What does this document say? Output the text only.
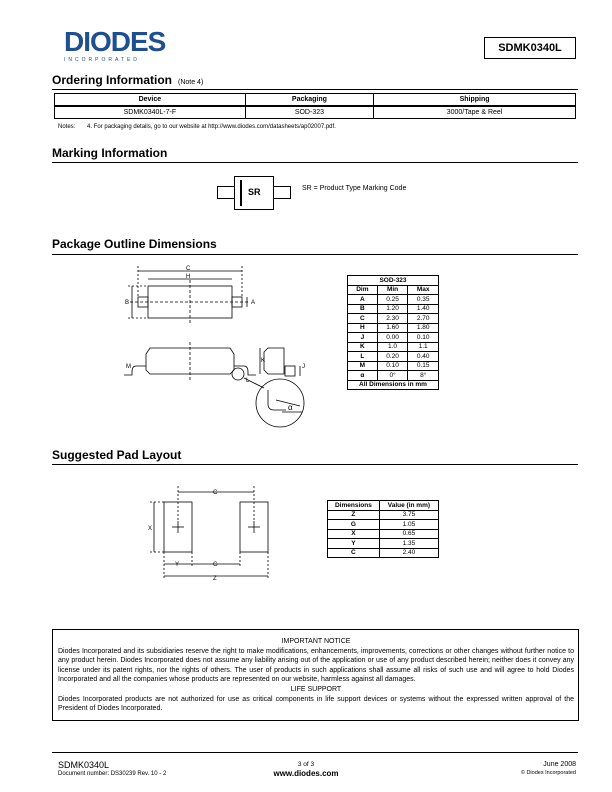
DIODES
INCORPORATED
SDMK0340L
Ordering Information (Note 4)
Device	Packaging	Shipping
SDMK0340L-7-F	SOD-323	3000/Tape & Reel
Notes: 4. For packaging details, go to our website at http://www.diodes.com/datasheets/ap02007.pdf.
Marking Information
SR	SR = Product Type Marking Code
Package Outline Dimensions
C
H
B	A
M
K
J
L
α
SOD-323		
Dim	Min	Max
A	0.25	0.35
B	1.20	1.40
C	2.30	2.70
H	1.60	1.80
J	0.00	0.10
K	1.0	1.1
L	0.20	0.40
M	0.10	0.15
α	0°	8°
All Dimensions in mm		
Suggested Pad Layout
C
X
Y	G
Z
Dimensions	Value (in mm)
Z	3.75
G	1.05
X	0.65
Y	1.35
C	2.40
IMPORTANT NOTICE
Diodes Incorporated and its subsidiaries reserve the right to make modifications, enhancements, improvements, corrections or other changes without further notice to any product herein. Diodes Incorporated does not assume any liability arising out of the application or use of any product described herein; neither does it convey any license under its patent rights, nor the rights of others. The user of products in such applications shall assume all risks of such use and will agree to hold Diodes Incorporated and all the companies whose products are represented on our website, harmless against all damages.
LIFE SUPPORT
Diodes Incorporated products are not authorized for use as critical components in life support devices or systems without the expressed written approval of the President of Diodes Incorporated.
SDMK0340L
Document number: DS30239 Rev. 10 - 2
3 of 3
www.diodes.com
June 2008
© Diodes Incorporated
